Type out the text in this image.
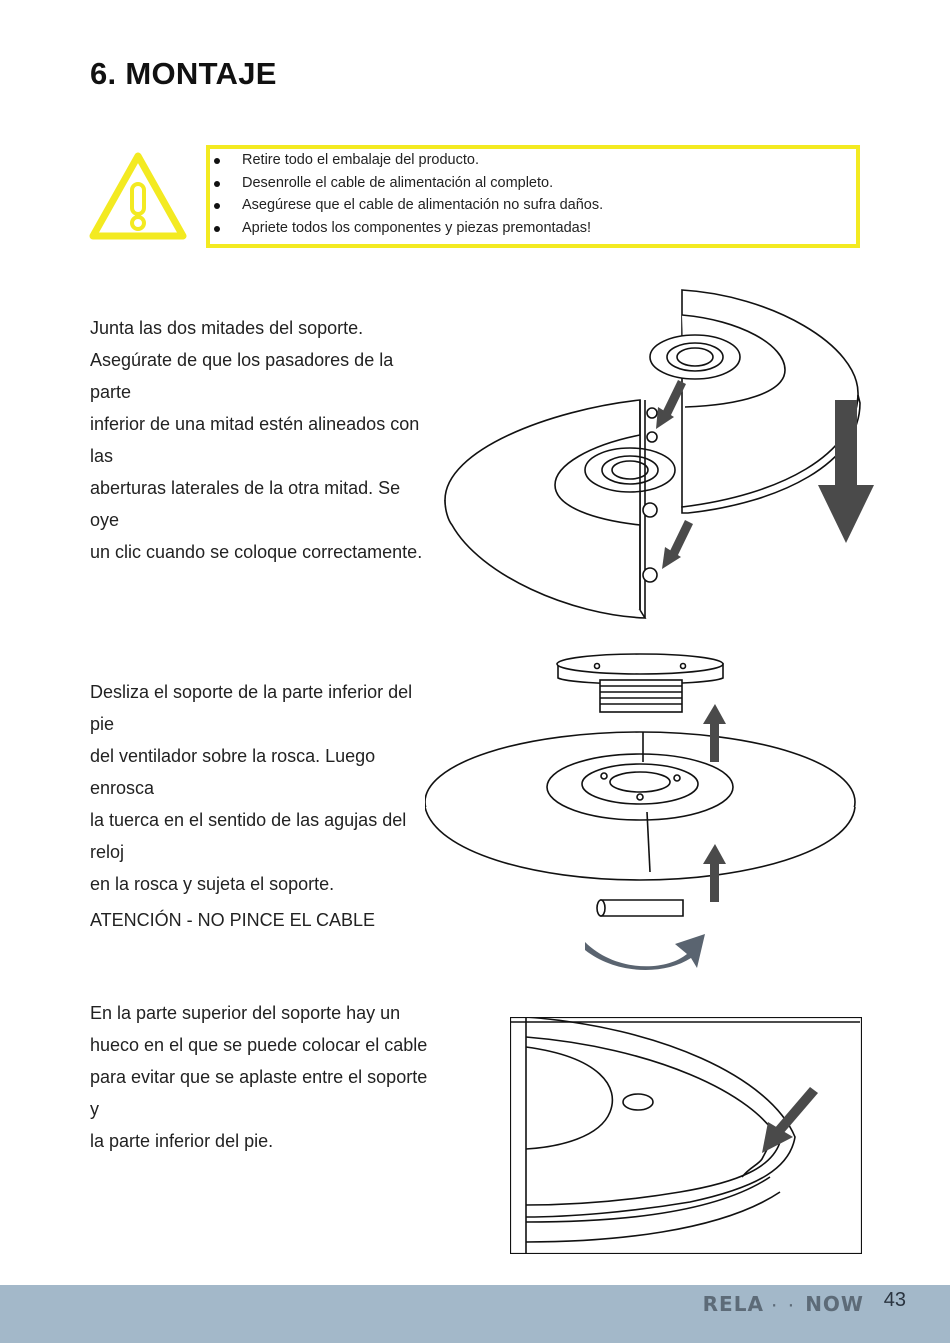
6. MONTAJE
Retire todo el embalaje del producto.
Desenrolle el cable de alimentación al completo.
Asegúrese que el cable de alimentación no sufra daños.
Apriete todos los componentes y piezas premontadas!

Junta las dos mitades del soporte.

Asegúrate de que los pasadores de la parte

inferior de una mitad estén alineados con las

aberturas laterales de la otra mitad. Se oye

un clic cuando se coloque correctamente.

Desliza el soporte de la parte inferior del pie

del ventilador sobre la rosca. Luego enrosca

la tuerca en el sentido de las agujas del reloj

en la rosca y sujeta el soporte.

ATENCIÓN - NO PINCE EL CABLE

En la parte superior del soporte hay un

hueco en el que se puede colocar el cable

para evitar que se aplaste entre el soporte y

la parte inferior del pie.

RELA · · NOW 43
